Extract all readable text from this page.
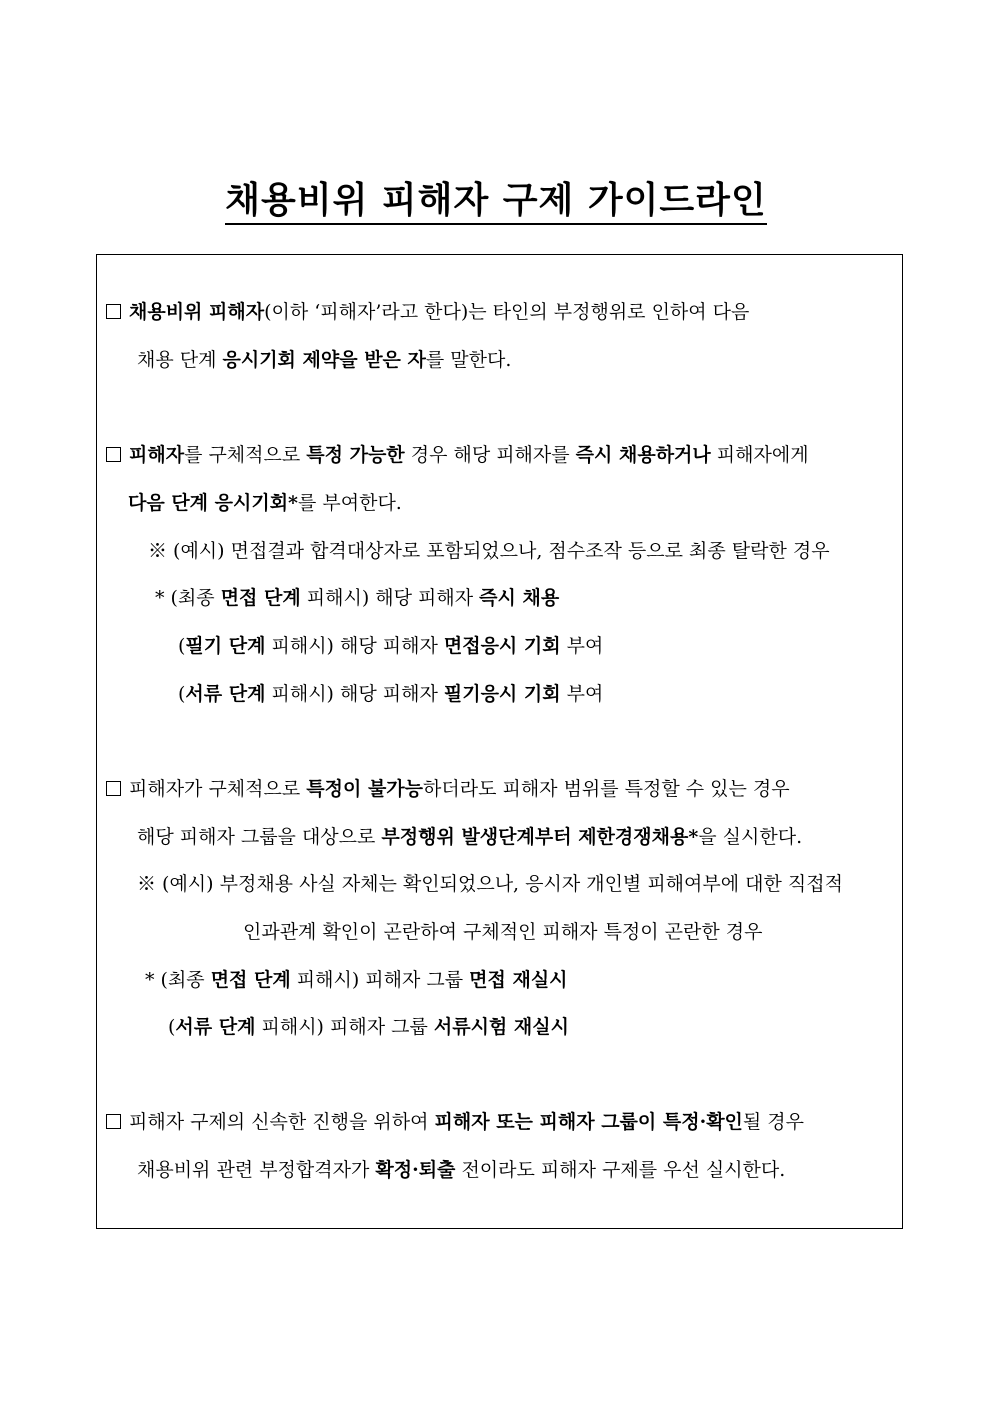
채용비위 피해자 구제 가이드라인
채용비위 피해자(이하 ‘피해자’라고 한다)는 타인의 부정행위로 인하여 다음
채용 단계 응시기회 제약을 받은 자를 말한다.
피해자를 구체적으로 특정 가능한 경우 해당 피해자를 즉시 채용하거나 피해자에게
다음 단계 응시기회*를 부여한다.
※ (예시) 면접결과 합격대상자로 포함되었으나, 점수조작 등으로 최종 탈락한 경우
* (최종 면접 단계 피해시) 해당 피해자 즉시 채용
(필기 단계 피해시) 해당 피해자 면접응시 기회 부여
(서류 단계 피해시) 해당 피해자 필기응시 기회 부여
피해자가 구체적으로 특정이 불가능하더라도 피해자 범위를 특정할 수 있는 경우
해당 피해자 그룹을 대상으로 부정행위 발생단계부터 제한경쟁채용*을 실시한다.
※ (예시) 부정채용 사실 자체는 확인되었으나, 응시자 개인별 피해여부에 대한 직접적
인과관계 확인이 곤란하여 구체적인 피해자 특정이 곤란한 경우
* (최종 면접 단계 피해시) 피해자 그룹 면접 재실시
(서류 단계 피해시) 피해자 그룹 서류시험 재실시
피해자 구제의 신속한 진행을 위하여 피해자 또는 피해자 그룹이 특정·확인될 경우
채용비위 관련 부정합격자가 확정·퇴출 전이라도 피해자 구제를 우선 실시한다.
